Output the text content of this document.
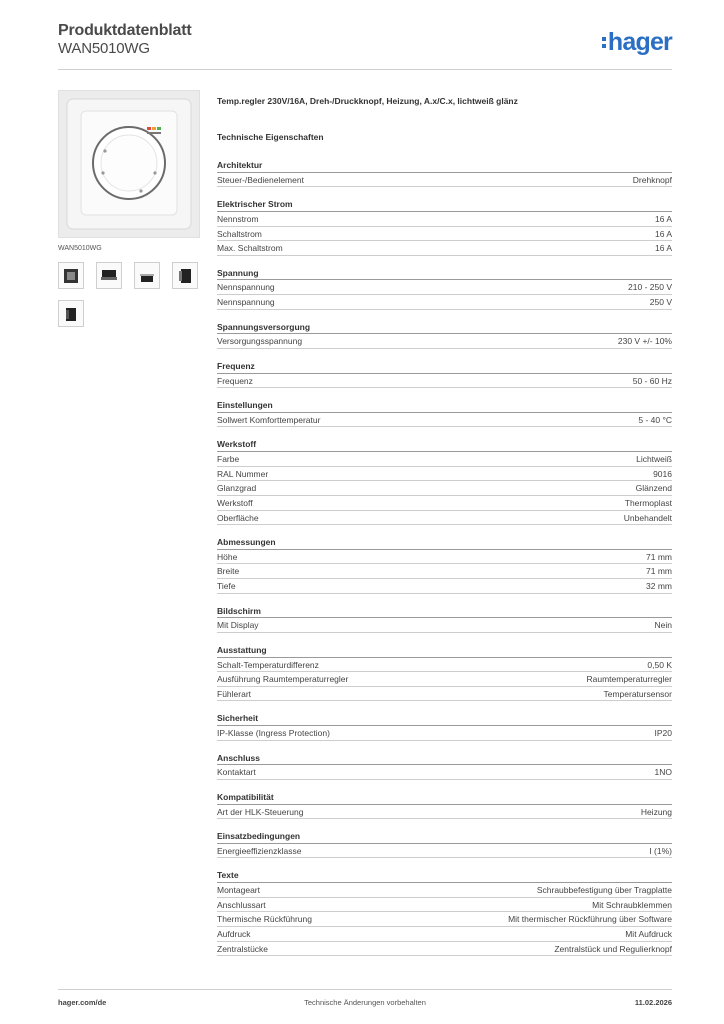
Produktdatenblatt
WAN5010WG	hager
WAN5010WG
Temp.regler 230V/16A, Dreh-/Druckknopf, Heizung, A.x/C.x, lichtweiß glänz
Technische Eigenschaften
Architektur
Steuer-/Bedienelement	Drehknopf
Elektrischer Strom
Nennstrom	16 A
Schaltstrom	16 A
Max. Schaltstrom	16 A
Spannung
Nennspannung	210 - 250 V
Nennspannung	250 V
Spannungsversorgung
Versorgungsspannung	230 V +/- 10%
Frequenz
Frequenz	50 - 60 Hz
Einstellungen
Sollwert Komforttemperatur	5 - 40 °C
Werkstoff
Farbe	Lichtweiß
RAL Nummer	9016
Glanzgrad	Glänzend
Werkstoff	Thermoplast
Oberfläche	Unbehandelt
Abmessungen
Höhe	71 mm
Breite	71 mm
Tiefe	32 mm
Bildschirm
Mit Display	Nein
Ausstattung
Schalt-Temperaturdifferenz	0,50 K
Ausführung Raumtemperaturregler	Raumtemperaturregler
Fühlerart	Temperatursensor
Sicherheit
IP-Klasse (Ingress Protection)	IP20
Anschluss
Kontaktart	1NO
Kompatibilität
Art der HLK-Steuerung	Heizung
Einsatzbedingungen
Energieeffizienzklasse	I (1%)
Texte
Montageart	Schraubbefestigung über Tragplatte
Anschlussart	Mit Schraubklemmen
Thermische Rückführung	Mit thermischer Rückführung über Software
Aufdruck	Mit Aufdruck
Zentralstücke	Zentralstück und Regulierknopf
hager.com/de	Technische Änderungen vorbehalten	11.02.2026
